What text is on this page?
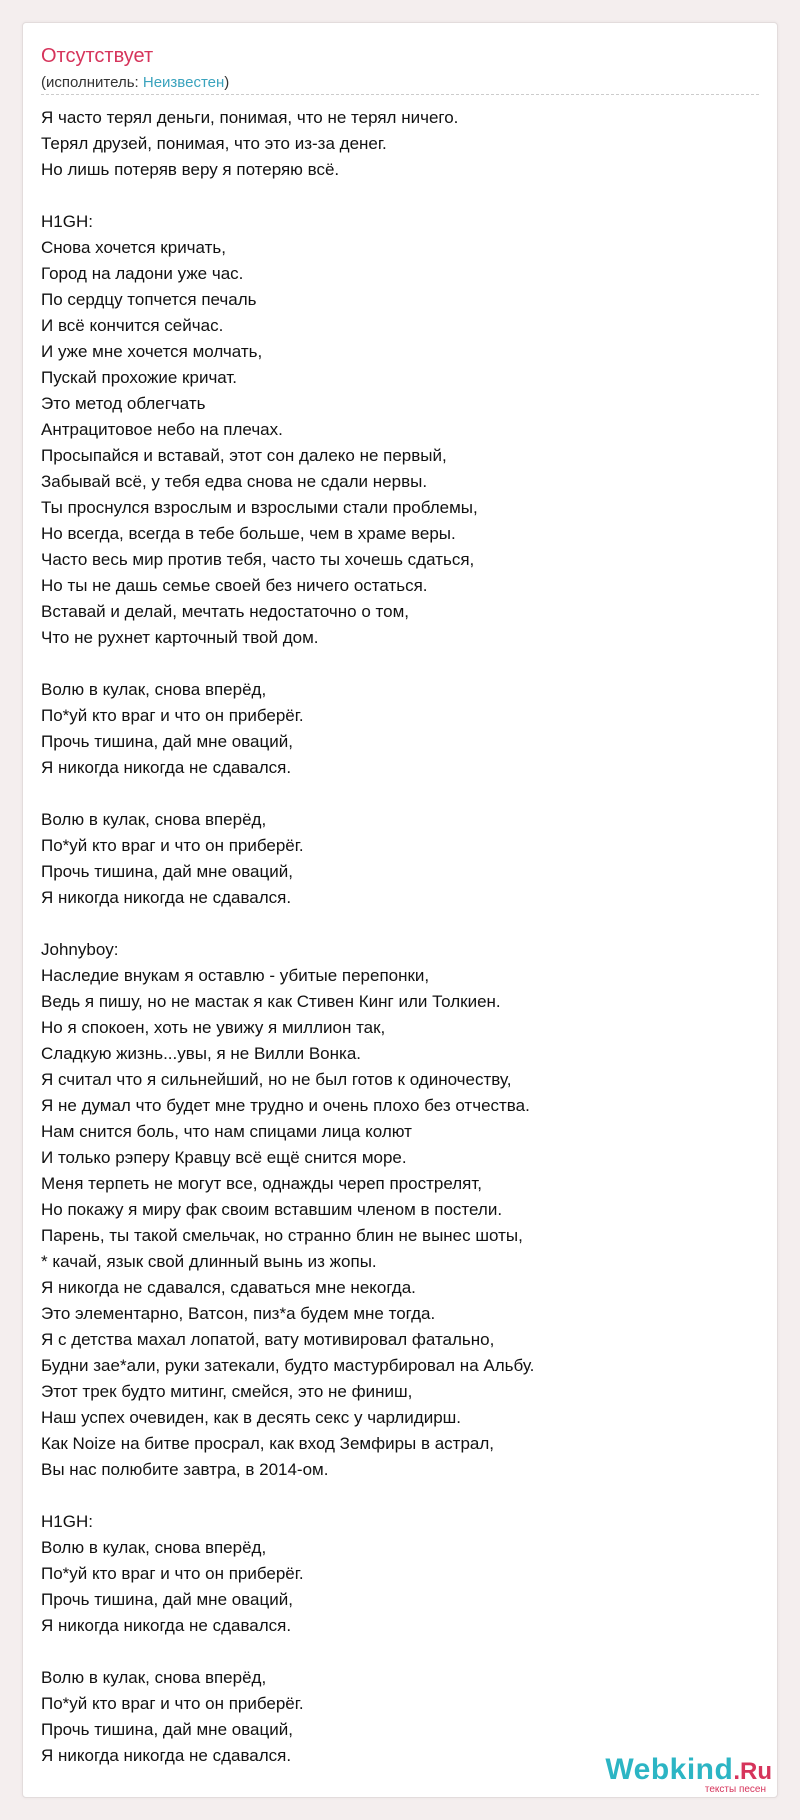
Отсутствует
(исполнитель: Неизвестен)
Я часто терял деньги, понимая, что не терял ничего.
Терял друзей, понимая, что это из-за денег.
Но лишь потеряв веру я потеряю всё.

H1GH:
Снова хочется кричать,
Город на ладони уже час.
По сердцу топчется печаль
И всё кончится сейчас.
И уже мне хочется молчать,
Пускай прохожие кричат.
Это метод облегчать
Антрацитовое небо на плечах.
Просыпайся и вставай, этот сон далеко не первый,
Забывай всё, у тебя едва снова не сдали нервы.
Ты проснулся взрослым и взрослыми стали проблемы,
Но всегда, всегда в тебе больше, чем в храме веры.
Часто весь мир против тебя, часто ты хочешь сдаться,
Но ты не дашь семье своей без ничего остаться.
Вставай и делай, мечтать недостаточно о том,
Что не рухнет карточный твой дом.

Волю в кулак, снова вперёд,
По*уй кто враг и что он приберёг.
Прочь тишина, дай мне оваций,
Я никогда никогда не сдавался.

Волю в кулак, снова вперёд,
По*уй кто враг и что он приберёг.
Прочь тишина, дай мне оваций,
Я никогда никогда не сдавался.

Johnyboy:
Наследие внукам я оставлю - убитые перепонки,
Ведь я пишу, но не мастак я как Стивен Кинг или Толкиен.
Но я спокоен, хоть не увижу я миллион так,
Сладкую жизнь...увы, я не Вилли Вонка.
Я считал что я сильнейший, но не был готов к одиночеству,
Я не думал что будет мне трудно и очень плохо без отчества.
Нам снится боль, что нам спицами лица колют
И только рэперу Кравцу всё ещё снится море.
Меня терпеть не могут все, однажды череп прострелят,
Но покажу я миру фак своим вставшим членом в постели.
Парень, ты такой смельчак, но странно блин не вынес шоты,
* качай, язык свой длинный вынь из жопы.
Я никогда не сдавался, сдаваться мне некогда.
Это элементарно, Ватсон, пиз*а будем мне тогда.
Я с детства махал лопатой, вату мотивировал фатально,
Будни зае*али, руки затекали, будто мастурбировал на Альбу.
Этот трек будто митинг, смейся, это не финиш,
Наш успех очевиден, как в десять секс у чарлидирш.
Как Noize на битве просрал, как вход Земфиры в астрал,
Вы нас полюбите завтра, в 2014-ом.

H1GH:
Волю в кулак, снова вперёд,
По*уй кто враг и что он приберёг.
Прочь тишина, дай мне оваций,
Я никогда никогда не сдавался.

Волю в кулак, снова вперёд,
По*уй кто враг и что он приберёг.
Прочь тишина, дай мне оваций,
Я никогда никогда не сдавался.	Webkind.Ru
тексты песен
